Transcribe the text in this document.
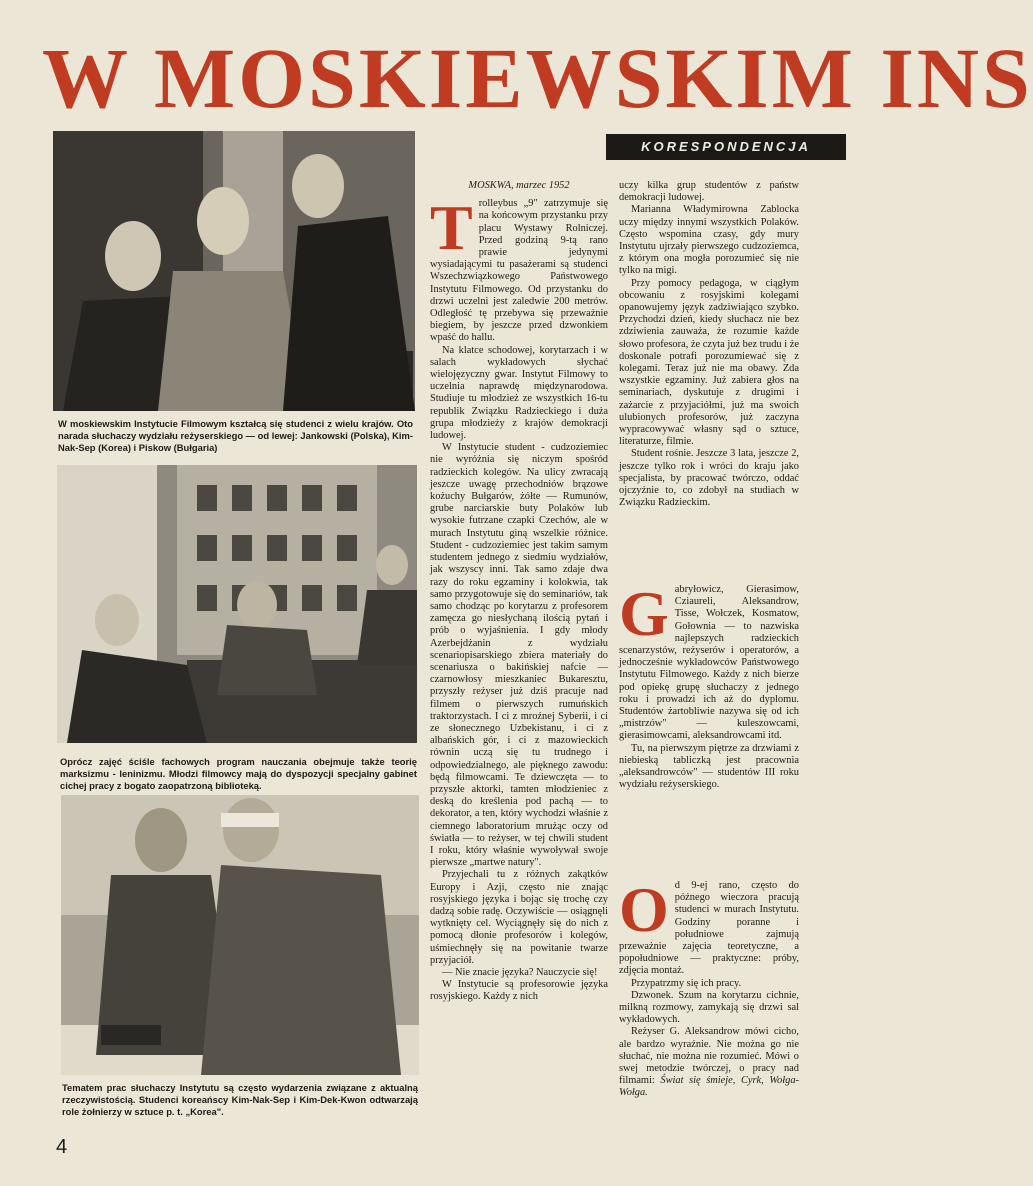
W MOSKIEWSKIM INS
KORESPONDENCJA
W moskiewskim Instytucie Filmowym kształcą się studenci z wielu krajów. Oto narada słuchaczy wydziału reżyserskiego — od lewej: Jankowski (Polska), Kim-Nak-Sep (Korea) i Piskow (Bułgaria)
Oprócz zajęć ściśle fachowych program nauczania obejmuje także teorię marksizmu - leninizmu. Młodzi filmowcy mają do dyspozycji specjalny gabinet cichej pracy z bogato zaopatrzoną biblioteką.
Tematem prac słuchaczy Instytutu są często wydarzenia związane z aktualną rzeczywistością. Studenci koreańscy Kim-Nak-Sep i Kim-Dek-Kwon odtwarzają role żołnierzy w sztuce p. t. „Korea".

MOSKWA, marzec 1952

Trolleybus „9" zatrzymuje się na końcowym przystanku przy placu Wystawy Rolniczej. Przed godziną 9-tą rano prawie jedynymi wysiadającymi tu pasażerami są studenci Wszechzwiązkowego Państwowego Instytutu Filmowego. Od przystanku do drzwi uczelni jest zaledwie 200 metrów. Odległość tę przebywa się przeważnie biegiem, by jeszcze przed dzwonkiem wpaść do hallu.

Na klatce schodowej, korytarzach i w salach wykładowych słychać wielojęzyczny gwar. Instytut Filmowy to uczelnia naprawdę międzynarodowa. Studiuje tu młodzież ze wszystkich 16-tu republik Związku Radzieckiego i duża grupa młodzieży z krajów demokracji ludowej.

W Instytucie student - cudzoziemiec nie wyróżnia się niczym spośród radzieckich kolegów. Na ulicy zwracają jeszcze uwagę przechodniów brązowe kożuchy Bułgarów, żółte — Rumunów, grube narciarskie buty Polaków lub wysokie futrzane czapki Czechów, ale w murach Instytutu giną wszelkie różnice. Student - cudzoziemiec jest takim samym studentem jednego z siedmiu wydziałów, jak wszyscy inni. Tak samo zdaje dwa razy do roku egzaminy i kolokwia, tak samo przygotowuje się do seminariów, tak samo chodząc po korytarzu z profesorem zamęcza go niesłychaną ilością pytań i prób o wyjaśnienia. I gdy młody Azerbejdżanin z wydziału scenariopisarskiego zbiera materiały do scenariusza o bakińskiej nafcie — czarnowłosy mieszkaniec Bukaresztu, przyszły reżyser już dziś pracuje nad filmem o pierwszych rumuńskich traktorzystach. I ci z mroźnej Syberii, i ci ze słonecznego Uzbekistanu, i ci z albańskich gór, i ci z mazowieckich równin uczą się tu trudnego i odpowiedzialnego, ale pięknego zawodu: będą filmowcami. Te dziewczęta — to przyszłe aktorki, tamten młodzieniec z deską do kreślenia pod pachą — to dekorator, a ten, który wychodzi właśnie z ciemnego laboratorium mrużąc oczy od światła — to reżyser, w tej chwili student I roku, który właśnie wywoływał swoje pierwsze „martwe natury".

Przyjechali tu z różnych zakątków Europy i Azji, często nie znając rosyjskiego języka i bojąc się trochę czy dadzą sobie radę. Oczywiście — osiągnęli wytknięty cel. Wyciągnęły się do nich z pomocą dłonie profesorów i kolegów, uśmiechnęły się na powitanie twarze przyjaciół.

— Nie znacie języka? Nauczycie się!

W Instytucie są profesorowie języka rosyjskiego. Każdy z nich

uczy kilka grup studentów z państw demokracji ludowej.

Marianna Władymirowna Zablocka uczy między innymi wszystkich Polaków. Często wspomina czasy, gdy mury Instytutu ujrzały pierwszego cudzoziemca, z którym ona mogła porozumieć się nie tylko na migi.

Przy pomocy pedagoga, w ciągłym obcowaniu z rosyjskimi kolegami opanowujemy język zadziwiająco szybko. Przychodzi dzień, kiedy słuchacz nie bez zdziwienia zauważa, że rozumie każde słowo profesora, że czyta już bez trudu i że doskonale potrafi porozumiewać się z kolegami. Teraz już nie ma obawy. Zda wszystkie egzaminy. Już zabiera głos na seminariach, dyskutuje z drugimi i zażarcie z przyjaciółmi, już ma swoich ulubionych profesorów, już zaczyna wypracowywać własny sąd o sztuce, literaturze, filmie.

Student rośnie. Jeszcze 3 lata, jeszcze 2, jeszcze tylko rok i wróci do kraju jako specjalista, by pracować twórczo, oddać ojczyźnie to, co zdobył na studiach w Związku Radzieckim.

Gabryłowicz, Gierasimow, Cziaureli, Aleksandrow, Tisse, Wołczek, Kosmatow, Gołownia — to nazwiska najlepszych radzieckich scenarzystów, reżyserów i operatorów, a jednocześnie wykładowców Państwowego Instytutu Filmowego. Każdy z nich bierze pod opiekę grupę słuchaczy z jednego roku i prowadzi ich aż do dyplomu. Studentów żartobliwie nazywa się od ich „mistrzów" — kuleszowcami, gierasimowcami, aleksandrowcami itd.

Tu, na pierwszym piętrze za drzwiami z niebieską tabliczką jest pracownia „aleksandrowców" — studentów III roku wydziału reżyserskiego.

Od 9-ej rano, często do późnego wieczora pracują studenci w murach Instytutu. Godziny poranne i południowe zajmują przeważnie zajęcia teoretyczne, a popołudniowe — praktyczne: próby, zdjęcia montaż.

Przypatrzmy się ich pracy.

Dzwonek. Szum na korytarzu cichnie, milkną rozmowy, zamykają się drzwi sal wykładowych.

Reżyser G. Aleksandrow mówi cicho, ale bardzo wyraźnie. Nie można go nie słuchać, nie można nie rozumieć. Mówi o swej metodzie twórczej, o pracy nad filmami: Świat się śmieje, Cyrk, Wołga-Wołga.

4
